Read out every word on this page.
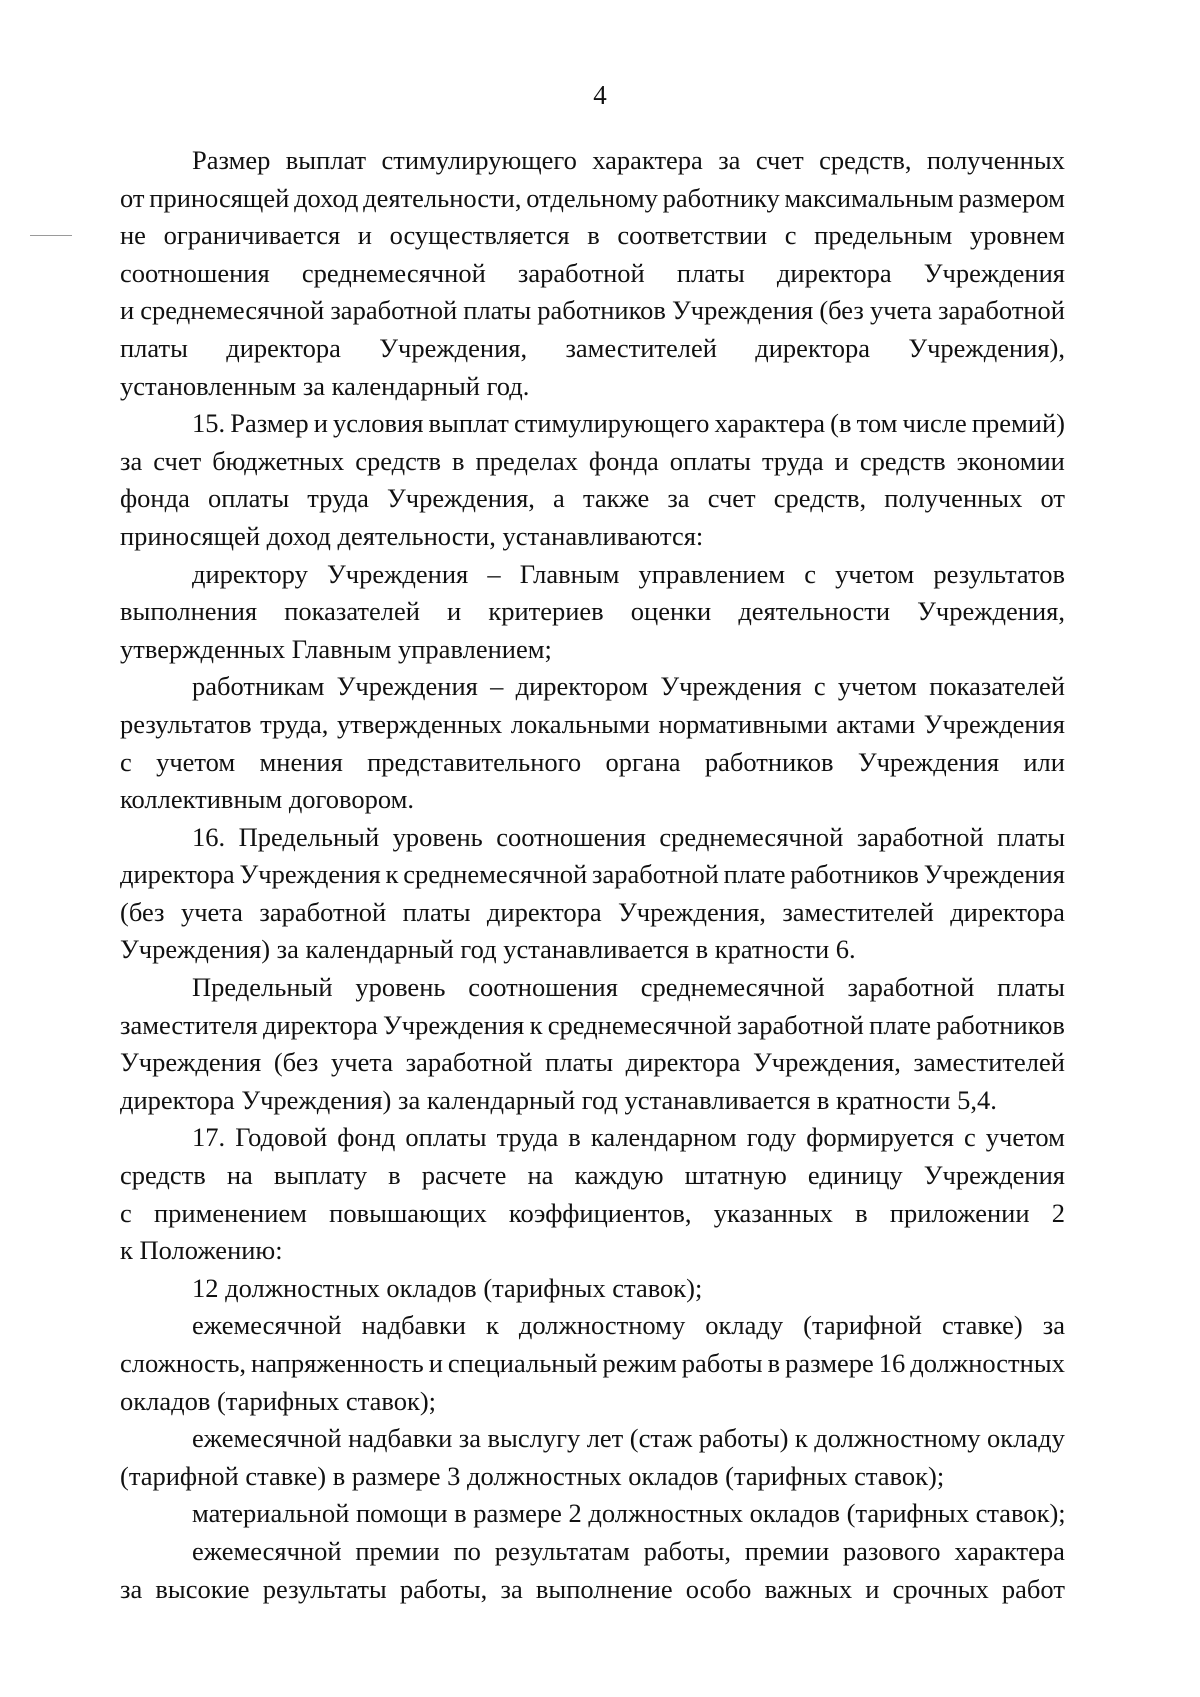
4
Размер выплат стимулирующего характера за счет средств, полученных
от приносящей доход деятельности, отдельному работнику максимальным размером
не ограничивается и осуществляется в соответствии с предельным уровнем
соотношения среднемесячной заработной платы директора Учреждения
и среднемесячной заработной платы работников Учреждения (без учета заработной
платы директора Учреждения, заместителей директора Учреждения),
установленным за календарный год.
15. Размер и условия выплат стимулирующего характера (в том числе премий)
за счет бюджетных средств в пределах фонда оплаты труда и средств экономии
фонда оплаты труда Учреждения, а также за счет средств, полученных от
приносящей доход деятельности, устанавливаются:
директору Учреждения – Главным управлением с учетом результатов
выполнения показателей и критериев оценки деятельности Учреждения,
утвержденных Главным управлением;
работникам Учреждения – директором Учреждения с учетом показателей
результатов труда, утвержденных локальными нормативными актами Учреждения
с учетом мнения представительного органа работников Учреждения или
коллективным договором.
16. Предельный уровень соотношения среднемесячной заработной платы
директора Учреждения к среднемесячной заработной плате работников Учреждения
(без учета заработной платы директора Учреждения, заместителей директора
Учреждения) за календарный год устанавливается в кратности 6.
Предельный уровень соотношения среднемесячной заработной платы
заместителя директора Учреждения к среднемесячной заработной плате работников
Учреждения (без учета заработной платы директора Учреждения, заместителей
директора Учреждения) за календарный год устанавливается в кратности 5,4.
17. Годовой фонд оплаты труда в календарном году формируется с учетом
средств на выплату в расчете на каждую штатную единицу Учреждения
с применением повышающих коэффициентов, указанных в приложении 2
к Положению:
12 должностных окладов (тарифных ставок);
ежемесячной надбавки к должностному окладу (тарифной ставке) за
сложность, напряженность и специальный режим работы в размере 16 должностных
окладов (тарифных ставок);
ежемесячной надбавки за выслугу лет (стаж работы) к должностному окладу
(тарифной ставке) в размере 3 должностных окладов (тарифных ставок);
материальной помощи в размере 2 должностных окладов (тарифных ставок);
ежемесячной премии по результатам работы, премии разового характера
за высокие результаты работы, за выполнение особо важных и срочных работ
